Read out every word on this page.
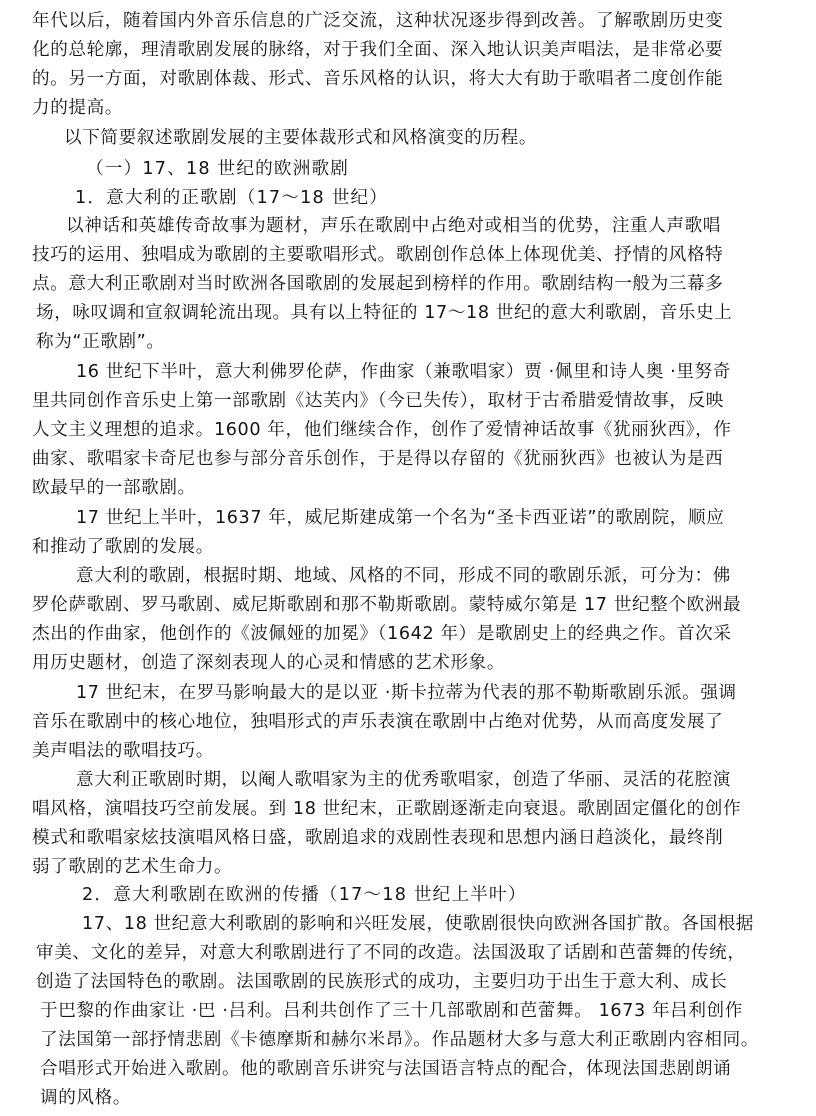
年代以后，随着国内外音乐信息的广泛交流，这种状况逐步得到改善。了解歌剧历史变
化的总轮廓，理清歌剧发展的脉络，对于我们全面、深入地认识美声唱法，是非常必要
的。另一方面，对歌剧体裁、形式、音乐风格的认识，将大大有助于歌唱者二度创作能
力的提高。
以下简要叙述歌剧发展的主要体裁形式和风格演变的历程。
（一）17、18 世纪的欧洲歌剧
1．意大利的正歌剧（17～18 世纪）
以神话和英雄传奇故事为题材，声乐在歌剧中占绝对或相当的优势，注重人声歌唱
技巧的运用、独唱成为歌剧的主要歌唱形式。歌剧创作总体上体现优美、抒情的风格特
点。意大利正歌剧对当时欧洲各国歌剧的发展起到榜样的作用。歌剧结构一般为三幕多
场，咏叹调和宣叙调轮流出现。具有以上特征的 17～18 世纪的意大利歌剧，音乐史上
称为“正歌剧”。
16 世纪下半叶，意大利佛罗伦萨，作曲家（兼歌唱家）贾 ·佩里和诗人奥 ·里努奇
里共同创作音乐史上第一部歌剧《达芙内》（今已失传），取材于古希腊爱情故事，反映
人文主义理想的追求。1600 年，他们继续合作，创作了爱情神话故事《犹丽狄西》，作
曲家、歌唱家卡奇尼也参与部分音乐创作，于是得以存留的《犹丽狄西》也被认为是西
欧最早的一部歌剧。
17 世纪上半叶，1637 年，威尼斯建成第一个名为“圣卡西亚诺”的歌剧院，顺应
和推动了歌剧的发展。
意大利的歌剧，根据时期、地域、风格的不同，形成不同的歌剧乐派，可分为：佛
罗伦萨歌剧、罗马歌剧、威尼斯歌剧和那不勒斯歌剧。蒙特威尔第是 17 世纪整个欧洲最
杰出的作曲家，他创作的《波佩娅的加冕》（1642 年）是歌剧史上的经典之作。首次采
用历史题材，创造了深刻表现人的心灵和情感的艺术形象。
17 世纪末，在罗马影响最大的是以亚 ·斯卡拉蒂为代表的那不勒斯歌剧乐派。强调
音乐在歌剧中的核心地位，独唱形式的声乐表演在歌剧中占绝对优势，从而高度发展了
美声唱法的歌唱技巧。
意大利正歌剧时期，以阉人歌唱家为主的优秀歌唱家，创造了华丽、灵活的花腔演
唱风格，演唱技巧空前发展。到 18 世纪末，正歌剧逐渐走向衰退。歌剧固定僵化的创作
模式和歌唱家炫技演唱风格日盛，歌剧追求的戏剧性表现和思想内涵日趋淡化，最终削
弱了歌剧的艺术生命力。
2．意大利歌剧在欧洲的传播（17～18 世纪上半叶）
17、18 世纪意大利歌剧的影响和兴旺发展，使歌剧很快向欧洲各国扩散。各国根据
审美、文化的差异，对意大利歌剧进行了不同的改造。法国汲取了话剧和芭蕾舞的传统，
创造了法国特色的歌剧。法国歌剧的民族形式的成功，主要归功于出生于意大利、成长
于巴黎的作曲家让 ·巴 ·吕利。吕利共创作了三十几部歌剧和芭蕾舞。 1673 年吕利创作
了法国第一部抒情悲剧《卡德摩斯和赫尔米昂》。作品题材大多与意大利正歌剧内容相同。
合唱形式开始进入歌剧。他的歌剧音乐讲究与法国语言特点的配合，体现法国悲剧朗诵
调的风格。
